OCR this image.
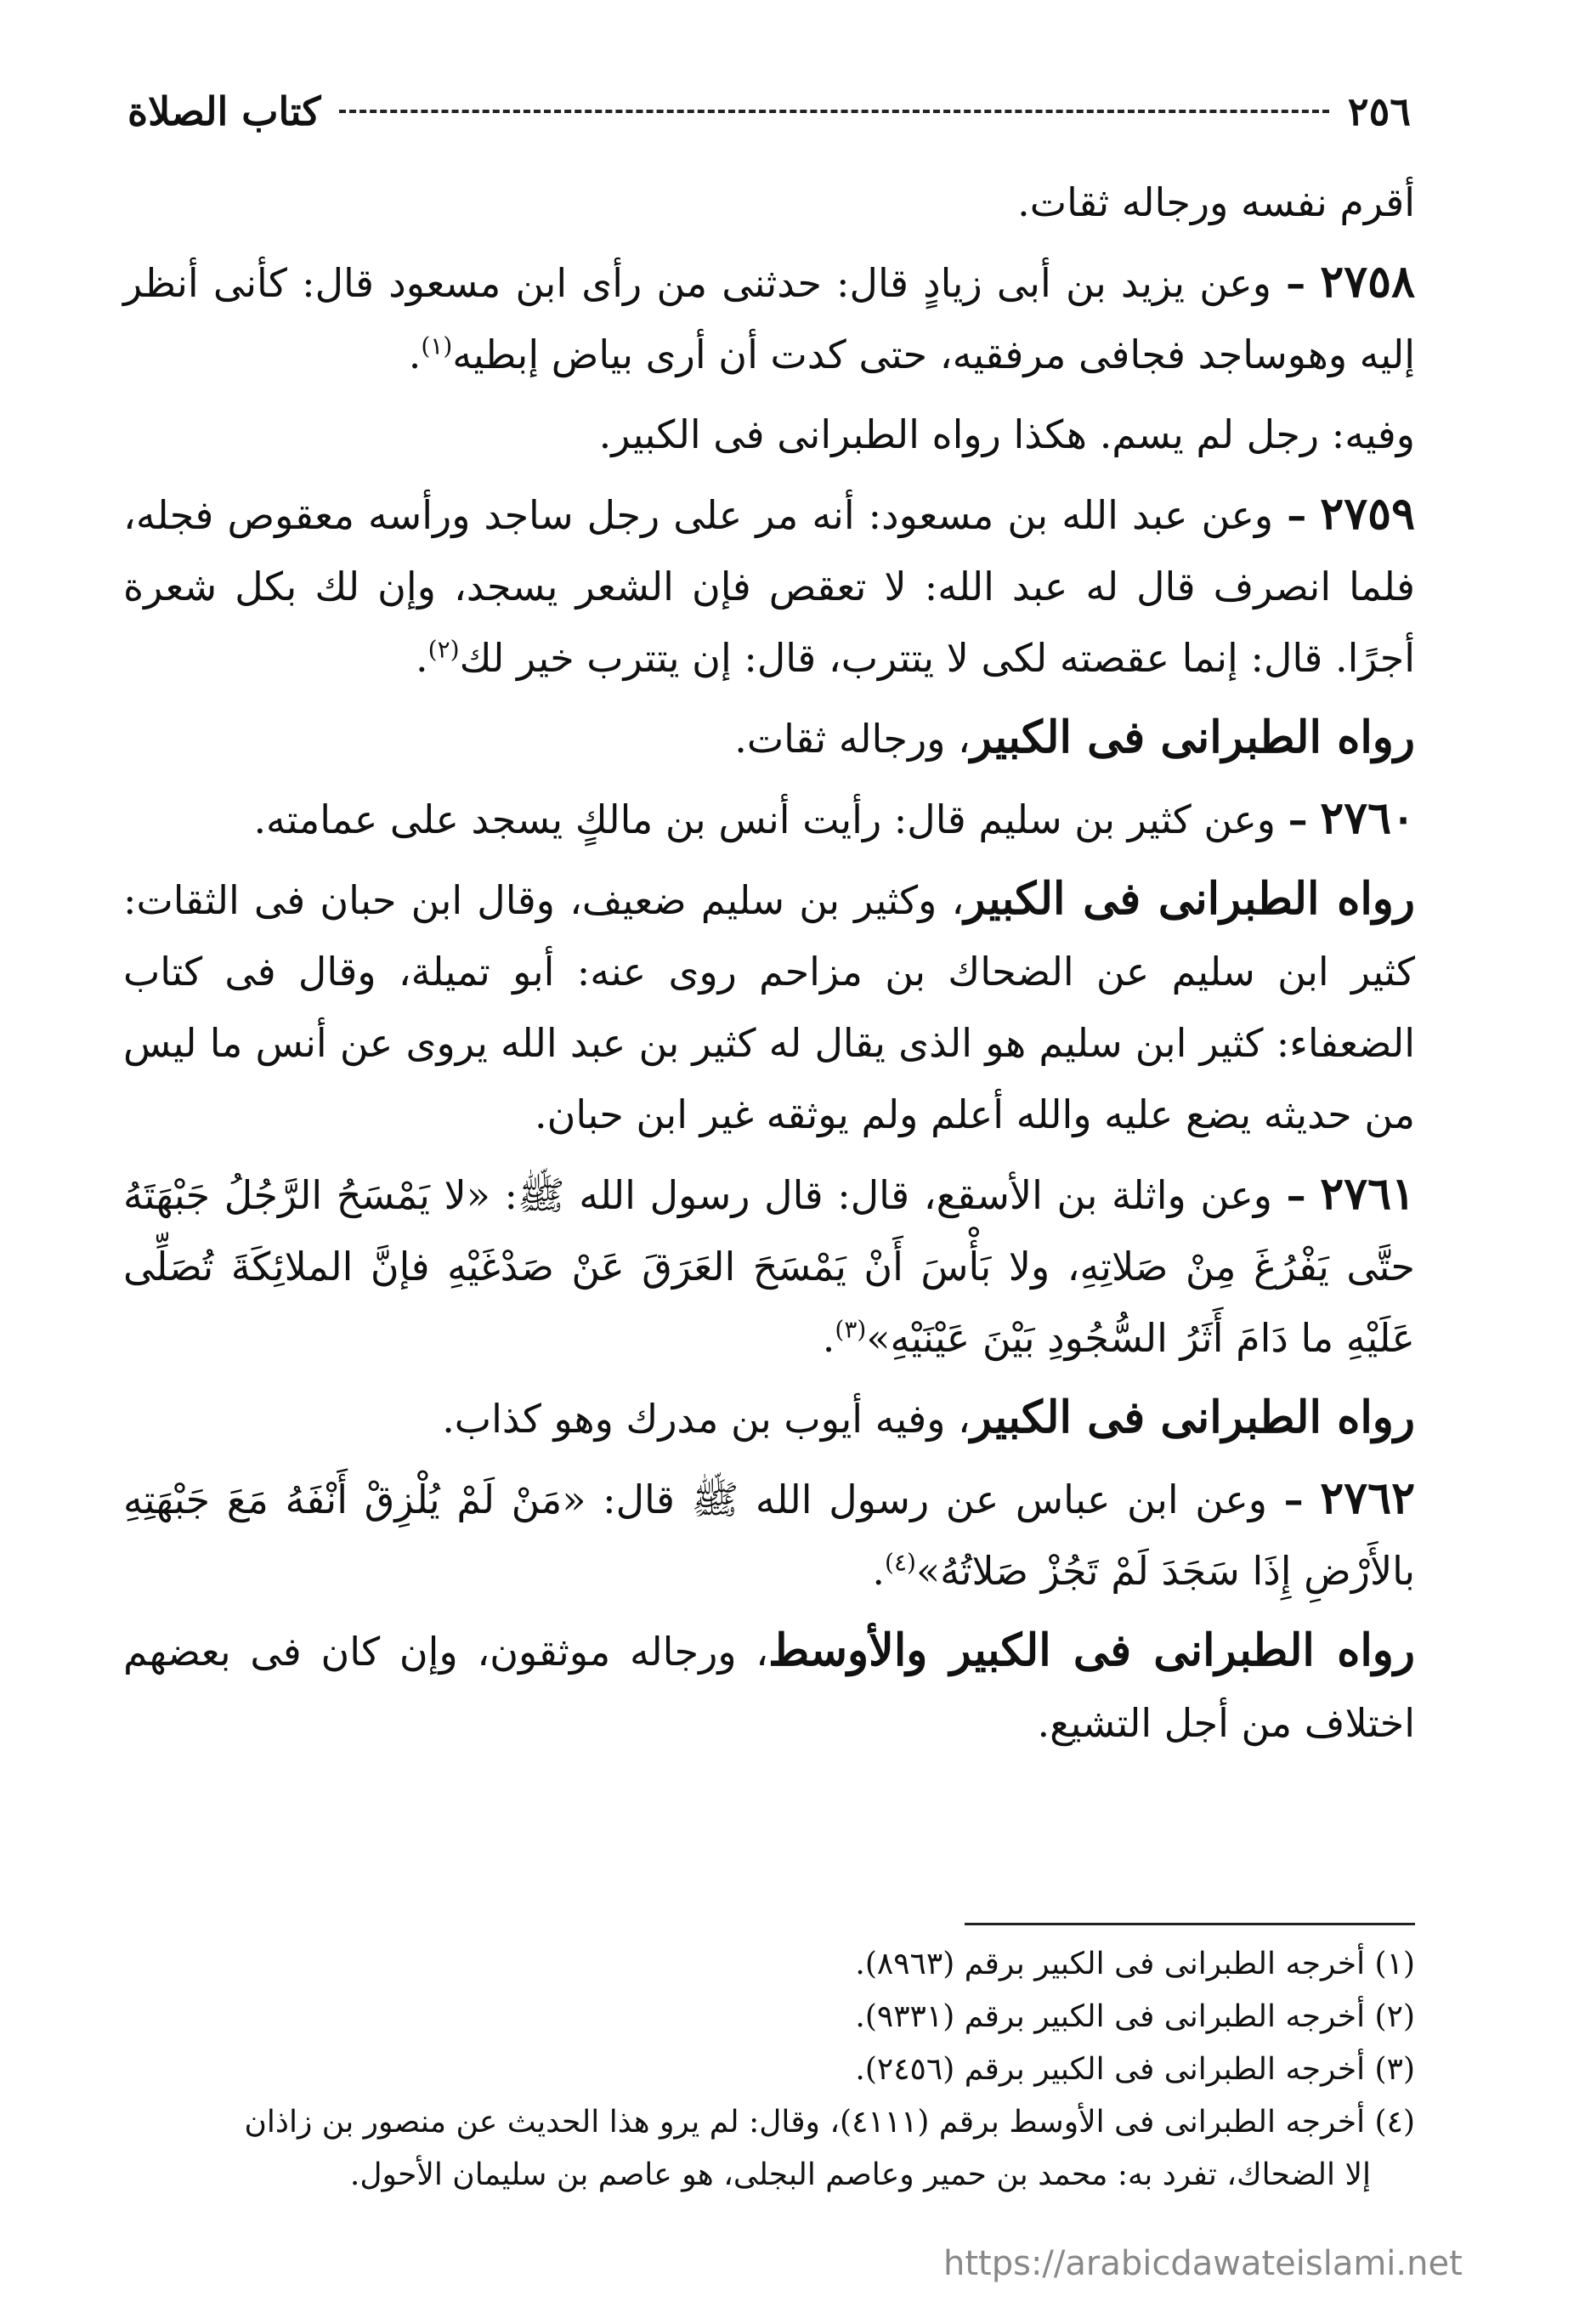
٢٥٦
كتاب الصلاة

أقرم نفسه ورجاله ثقات.

٢٧٥٨ – وعن يزيد بن أبى زيادٍ قال: حدثنى من رأى ابن مسعود قال: كأنى أنظر إليه وهوساجد فجافى مرفقيه، حتى كدت أن أرى بياض إبطيه$^{(١)}$.

وفيه: رجل لم يسم. هكذا رواه الطبرانى فى الكبير.

٢٧٥٩ – وعن عبد الله بن مسعود: أنه مر على رجل ساجد ورأسه معقوص فجله، فلما انصرف قال له عبد الله: لا تعقص فإن الشعر يسجد، وإن لك بكل شعرة أجرًا. قال: إنما عقصته لكى لا يتترب، قال: إن يتترب خير لك$^{(٢)}$.

رواه الطبرانى فى الكبير، ورجاله ثقات.

٢٧٦٠ – وعن كثير بن سليم قال: رأيت أنس بن مالكٍ يسجد على عمامته.

رواه الطبرانى فى الكبير، وكثير بن سليم ضعيف، وقال ابن حبان فى الثقات: كثير ابن سليم عن الضحاك بن مزاحم روى عنه: أبو تميلة، وقال فى كتاب الضعفاء: كثير ابن سليم هو الذى يقال له كثير بن عبد الله يروى عن أنس ما ليس من حديثه يضع عليه والله أعلم ولم يوثقه غير ابن حبان.

٢٧٦١ – وعن واثلة بن الأسقع، قال: قال رسول الله ﷺ: «لا يَمْسَحُ الرَّجُلُ جَبْهَتَهُ حتَّى يَفْرُغَ مِنْ صَلاتِهِ، ولا بَأْسَ أَنْ يَمْسَحَ العَرَقَ عَنْ صَدْغَيْهِ فإنَّ الملائِكَةَ تُصَلِّى عَلَيْهِ ما دَامَ أَثَرُ السُّجُودِ بَيْنَ عَيْنَيْهِ»$^{(٣)}$.

رواه الطبرانى فى الكبير، وفيه أيوب بن مدرك وهو كذاب.

٢٧٦٢ – وعن ابن عباس عن رسول الله ﷺ قال: «مَنْ لَمْ يُلْزِقْ أَنْفَهُ مَعَ جَبْهَتِهِ بالأَرْضِ إِذَا سَجَدَ لَمْ تَجُزْ صَلاتُهُ»$^{(٤)}$.

رواه الطبرانى فى الكبير والأوسط، ورجاله موثقون، وإن كان فى بعضهم اختلاف من أجل التشيع.

(١) أخرجه الطبرانى فى الكبير برقم (٨٩٦٣).

(٢) أخرجه الطبرانى فى الكبير برقم (٩٣٣١).

(٣) أخرجه الطبرانى فى الكبير برقم (٢٤٥٦).

(٤) أخرجه الطبرانى فى الأوسط برقم (٤١١١)، وقال: لم يرو هذا الحديث عن منصور بن زاذان

إلا الضحاك، تفرد به: محمد بن حمير وعاصم البجلى، هو عاصم بن سليمان الأحول.

https://arabicdawateislami.net
